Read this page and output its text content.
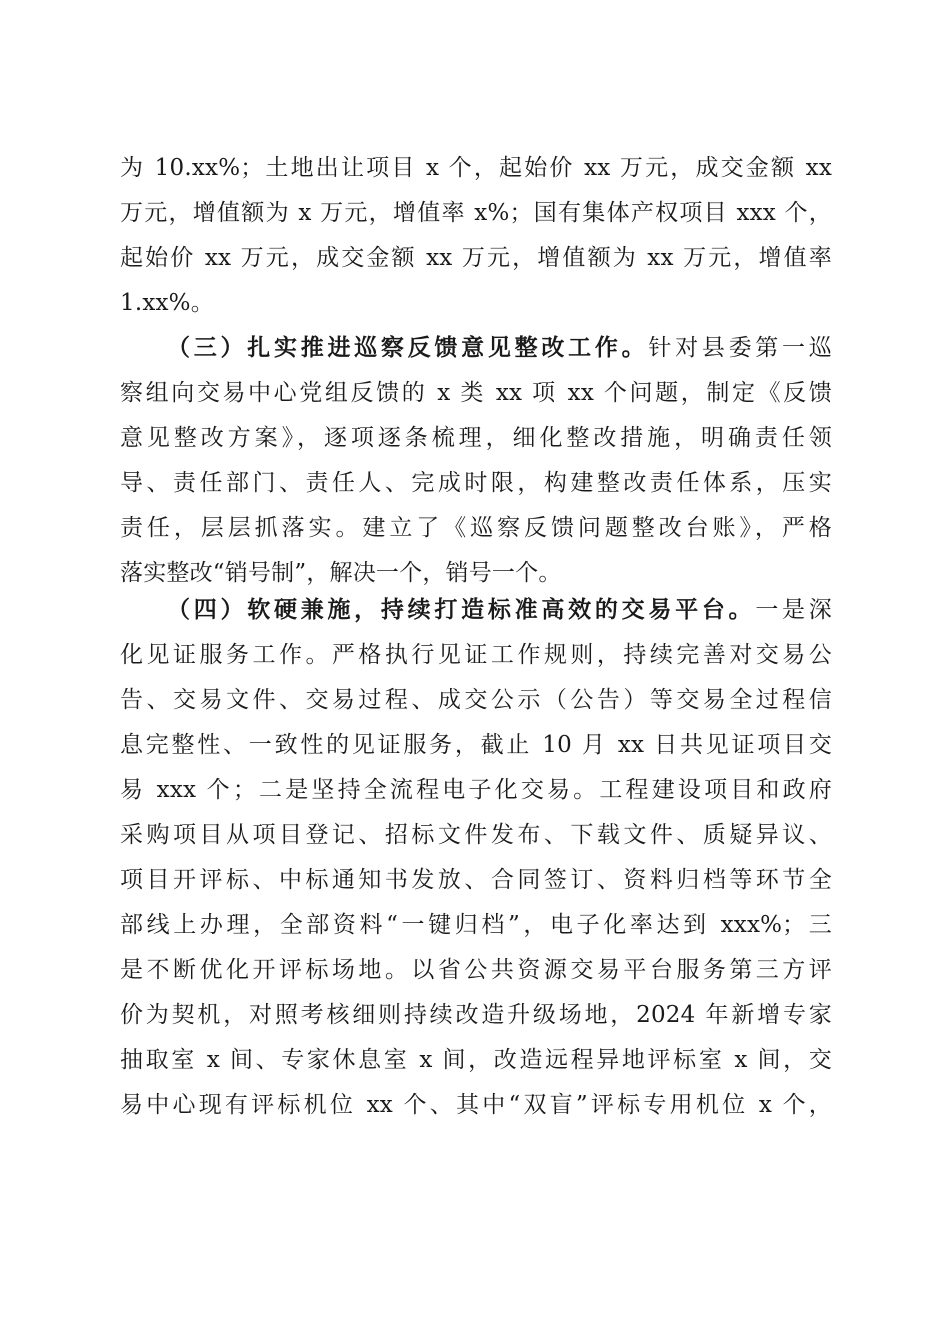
为 10.xx%；土地出让项目 x 个，起始价 xx 万元，成交金额 xx
万元，增值额为 x 万元，增值率 x%；国有集体产权项目 xxx 个，
起始价 xx 万元，成交金额 xx 万元，增值额为 xx 万元，增值率
1.xx%。
（三）扎实推进巡察反馈意见整改工作。针对县委第一巡
察组向交易中心党组反馈的 x 类 xx 项 xx 个问题，制定《反馈
意见整改方案》，逐项逐条梳理，细化整改措施，明确责任领
导、责任部门、责任人、完成时限，构建整改责任体系，压实
责任，层层抓落实。建立了《巡察反馈问题整改台账》，严格
落实整改“销号制”，解决一个，销号一个。
（四）软硬兼施，持续打造标准高效的交易平台。一是深
化见证服务工作。严格执行见证工作规则，持续完善对交易公
告、交易文件、交易过程、成交公示（公告）等交易全过程信
息完整性、一致性的见证服务，截止 10 月 xx 日共见证项目交
易 xxx 个；二是坚持全流程电子化交易。工程建设项目和政府
采购项目从项目登记、招标文件发布、下载文件、质疑异议、
项目开评标、中标通知书发放、合同签订、资料归档等环节全
部线上办理，全部资料“一键归档”，电子化率达到 xxx%；三
是不断优化开评标场地。以省公共资源交易平台服务第三方评
价为契机，对照考核细则持续改造升级场地，2024 年新增专家
抽取室 x 间、专家休息室 x 间，改造远程异地评标室 x 间，交
易中心现有评标机位 xx 个、其中“双盲”评标专用机位 x 个，
